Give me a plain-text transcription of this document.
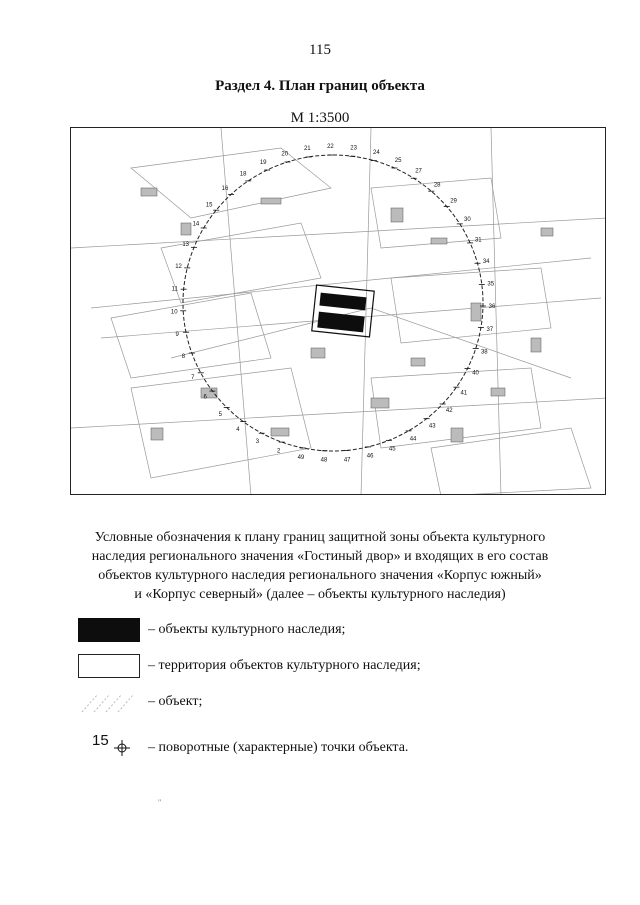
115
Раздел 4. План границ объекта
М 1:3500
2
3
4
5
6
7
8
9
10
11
12
13
14
15
16
18
19
20
21	22	23
24
25
27
28
29
30
31
34
35
36
37
38
40
41
42
43
44
45
46
47
48
49
Условные обозначения к плану границ защитной зоны объекта культурного
наследия регионального значения «Гостиный двор» и входящих в его состав
объектов культурного наследия регионального значения «Корпус южный»
и «Корпус северный» (далее – объекты культурного наследия)
– объекты культурного наследия;
– территория объектов культурного наследия;
– объект;
15	– поворотные (характерные) точки объекта.
"
